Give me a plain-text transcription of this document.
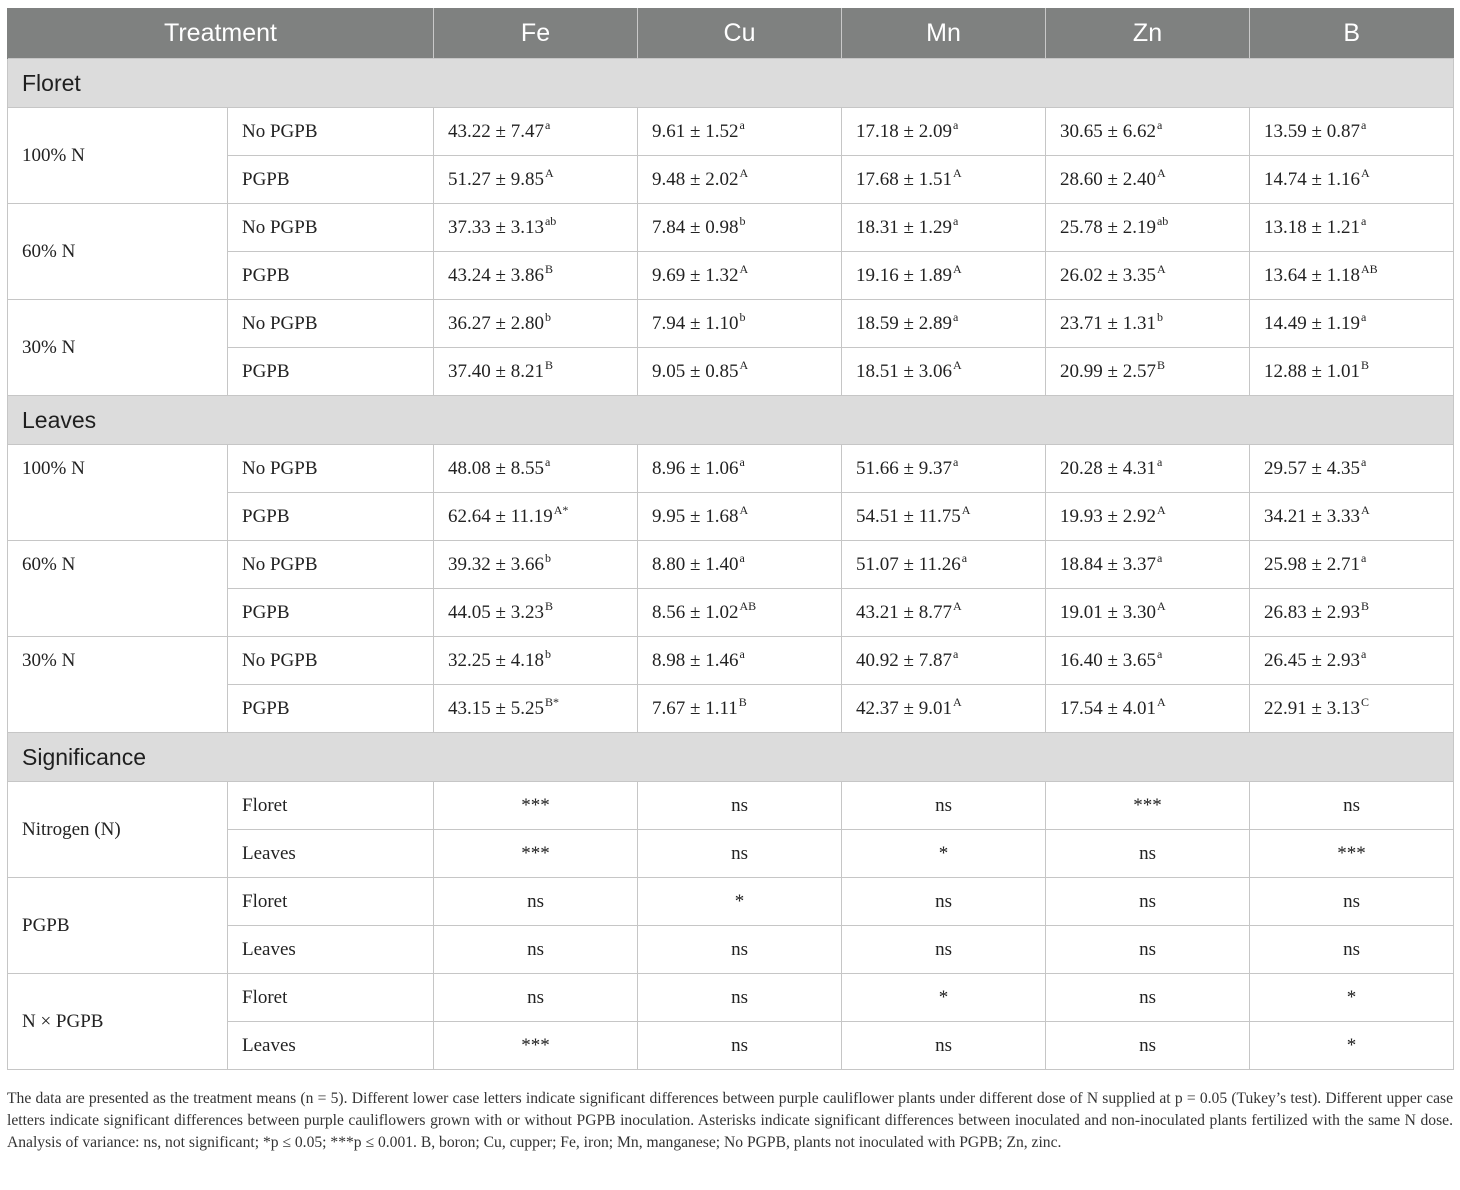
Treatment		Fe	Cu	Mn	Zn	B
Floret						
100% N	No PGPB	43.22 ± 7.47$^a$	9.61 ± 1.52$^a$	17.18 ± 2.09$^a$	30.65 ± 6.62$^a$	13.59 ± 0.87$^a$
	PGPB	$51.27 \pm 9.85^A$	$9.48 \pm 2.02^A$	$17.68 \pm 1.51^A$	$28.60 \pm 2.40^A$	$14.74 \pm 1.16^A$
60% N	No PGPB	37.33 ± 3.13$^{ab}$	7.84 ± 0.98$^b$	18.31 ± 1.29$^a$	25.78 ± 2.19$^{ab}$	13.18 ± 1.21$^a$
	PGPB	$43.24 \pm 3.86^B$	$9.69 \pm 1.32^A$	$19.16 \pm 1.89^A$	$26.02 \pm 3.35^A$	$13.64 \pm 1.18^{AB}$
30% N	No PGPB	36.27 ± 2.80$^b$	7.94 ± 1.10$^b$	18.59 ± 2.89$^a$	23.71 ± 1.31$^b$	14.49 ± 1.19$^a$
	PGPB	$37.40 \pm 8.21^B$	$9.05 \pm 0.85^A$	$18.51 \pm 3.06^A$	$20.99 \pm 2.57^B$	$12.88 \pm 1.01^B$
Leaves						
100% N	No PGPB	48.08 ± 8.55$^a$	8.96 ± 1.06$^a$	51.66 ± 9.37$^a$	20.28 ± 4.31$^a$	29.57 ± 4.35$^a$
	PGPB	$62.64 \pm 11.19^{A*}$	$9.95 \pm 1.68^A$	$54.51 \pm 11.75^A$	$19.93 \pm 2.92^A$	$34.21 \pm 3.33^A$
60% N	No PGPB	39.32 ± 3.66$^b$	8.80 ± 1.40$^a$	51.07 ± 11.26$^a$	18.84 ± 3.37$^a$	25.98 ± 2.71$^a$
	PGPB	$44.05 \pm 3.23^B$	$8.56 \pm 1.02^{AB}$	$43.21 \pm 8.77^A$	$19.01 \pm 3.30^A$	$26.83 \pm 2.93^B$
30% N	No PGPB	32.25 ± 4.18$^b$	8.98 ± 1.46$^a$	40.92 ± 7.87$^a$	16.40 ± 3.65$^a$	26.45 ± 2.93$^a$
	PGPB	$43.15 \pm 5.25^{B*}$	$7.67 \pm 1.11^B$	$42.37 \pm 9.01^A$	$17.54 \pm 4.01^A$	$22.91 \pm 3.13^C$
Significance						
Nitrogen (N)	Floret	***	ns	ns	***	ns
	Leaves	***	ns	*	ns	***
PGPB	Floret	ns	*	ns	ns	ns
	Leaves	ns	ns	ns	ns	ns
N × PGPB	Floret	ns	ns	*	ns	*
	Leaves	***	ns	ns	ns	*
The data are presented as the treatment means (n = 5). Different lower case letters indicate significant differences between purple cauliflower plants under different dose of N supplied at p = 0.05 (Tukey’s test). Different upper case letters indicate significant differences between purple cauliflowers grown with or without PGPB inoculation. Asterisks indicate significant differences between inoculated and non-inoculated plants fertilized with the same N dose. Analysis of variance: ns, not significant; *p ≤ 0.05; ***p ≤ 0.001. B, boron; Cu, cupper; Fe, iron; Mn, manganese; No PGPB, plants not inoculated with PGPB; Zn, zinc.
